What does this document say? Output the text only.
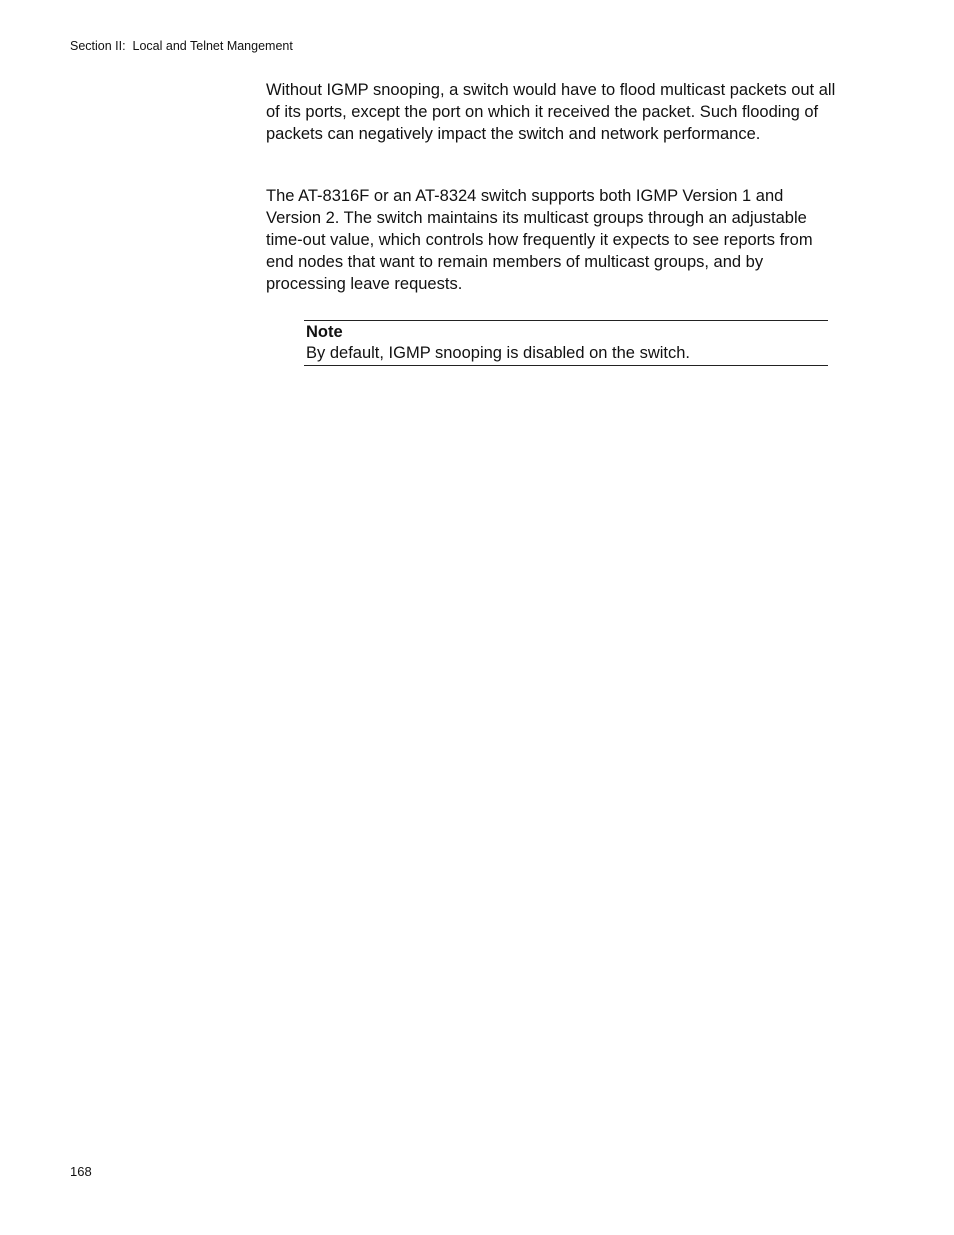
Section II:  Local and Telnet Mangement

Without IGMP snooping, a switch would have to flood multicast packets out all of its ports, except the port on which it received the packet. Such flooding of packets can negatively impact the switch and network performance.

The AT-8316F or an AT-8324 switch supports both IGMP Version 1 and Version 2. The switch maintains its multicast groups through an adjustable time-out value, which controls how frequently it expects to see reports from end nodes that want to remain members of multicast groups, and by processing leave requests.

Note
By default, IGMP snooping is disabled on the switch.
168
